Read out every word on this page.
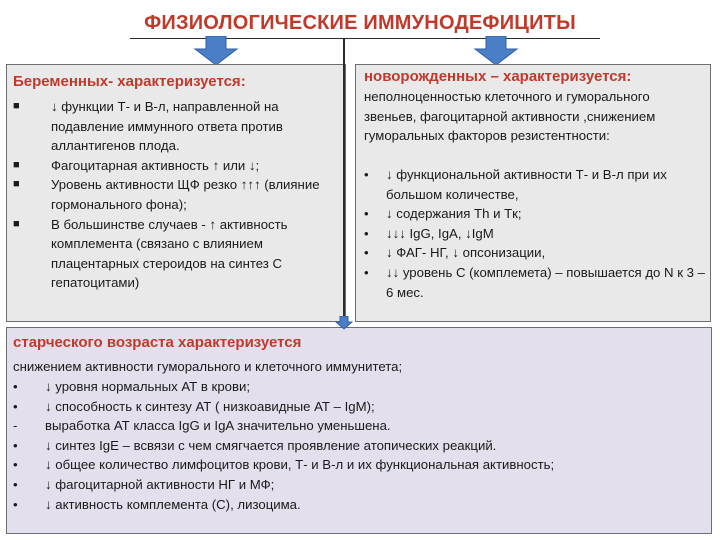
ФИЗИОЛОГИЧЕСКИЕ ИММУНОДЕФИЦИТЫ
Беременных- характеризуется:
■	↓ функции Т- и В-л, направленной на подавление иммунного ответа против аллантигенов плода.
■	Фагоцитарная активность ↑ или ↓;
■	Уровень активности ЩФ резко ↑↑↑ (влияние гормонального фона);
■	В большинстве случаев - ↑ активность комплемента (связано с влиянием плацентарных стероидов на синтез С гепатоцитами)
новорожденных – характеризуется:
неполноценностью клеточного и гуморального звеньев, фагоцитарной активности ,снижением гуморальных факторов резистентности:
•	↓ функциональной активности Т- и В-л при их большом количестве,
•	↓ содержания Th и Tк;
•	↓↓↓ IgG, IgA, ↓IgM
•	↓ ФАГ- НГ, ↓ опсонизации,
•	↓↓ уровень С (комплемета) – повышается до N к 3 – 6 мес.
старческого возраста характеризуется
снижением активности гуморального и клеточного иммунитета;
•	↓ уровня нормальных АТ в крови;
•	↓ способность к синтезу АТ ( низкоавидные АТ – IgM);
-	выработка АТ класса IgG и IgA значительно уменьшена.
•	↓ синтез IgE – всвязи с чем смягчается проявление атопических реакций.
•	↓ общее количество лимфоцитов крови, Т- и В-л и их функциональная активность;
•	↓ фагоцитарной активности НГ и МФ;
•	↓ активность комплемента (С), лизоцима.
